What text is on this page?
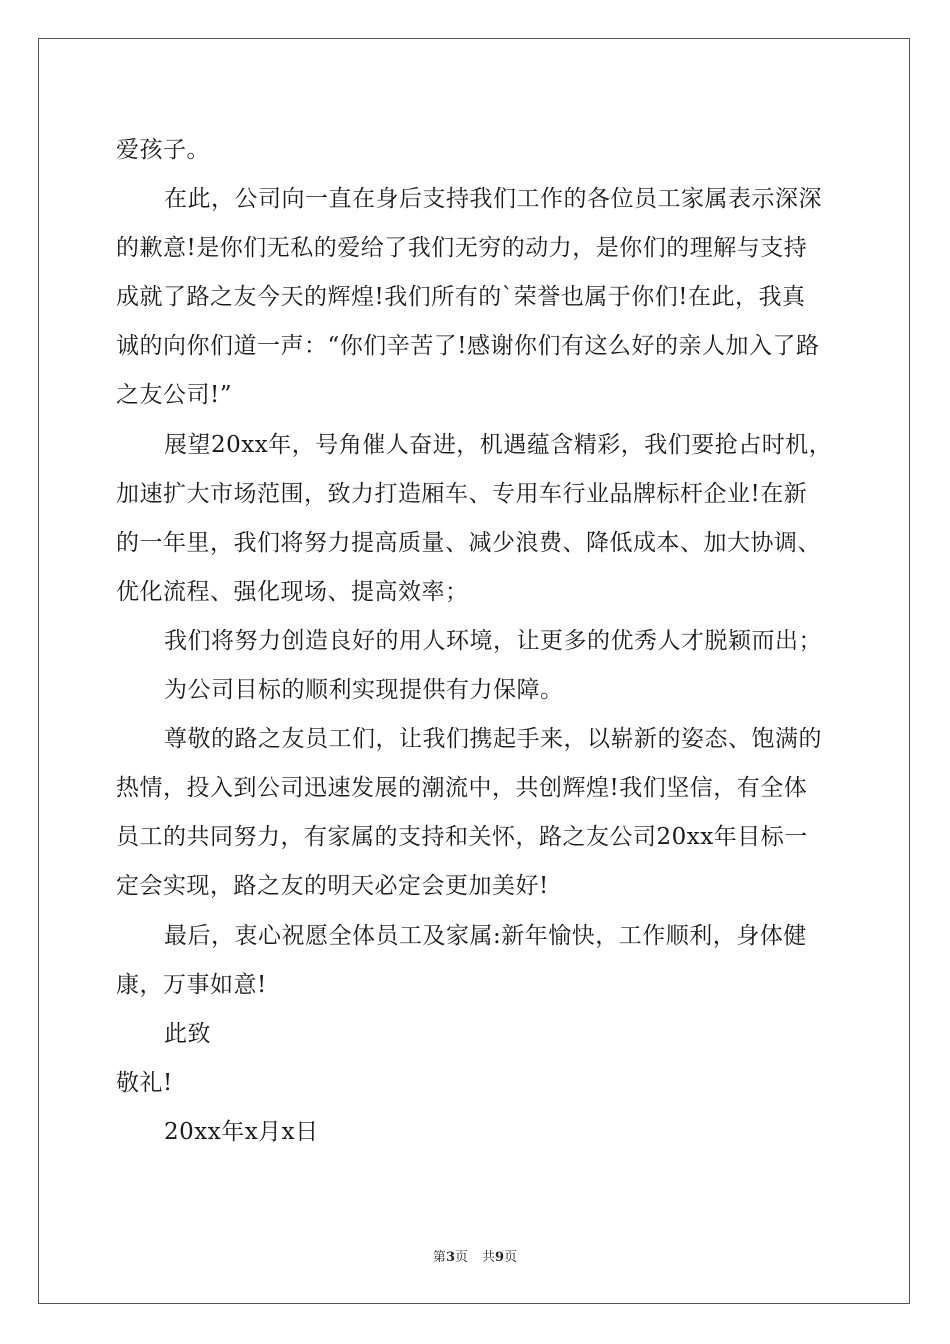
爱孩子。
在此，公司向一直在身后支持我们工作的各位员工家属表示深深
的歉意!是你们无私的爱给了我们无穷的动力，是你们的理解与支持
成就了路之友今天的辉煌!我们所有的`荣誉也属于你们!在此，我真
诚的向你们道一声：“你们辛苦了!感谢你们有这么好的亲人加入了路
之友公司!”
展望20xx年，号角催人奋进，机遇蕴含精彩，我们要抢占时机，
加速扩大市场范围，致力打造厢车、专用车行业品牌标杆企业!在新
的一年里，我们将努力提高质量、减少浪费、降低成本、加大协调、
优化流程、强化现场、提高效率；
我们将努力创造良好的用人环境，让更多的优秀人才脱颖而出；
为公司目标的顺利实现提供有力保障。
尊敬的路之友员工们，让我们携起手来，以崭新的姿态、饱满的
热情，投入到公司迅速发展的潮流中，共创辉煌!我们坚信，有全体
员工的共同努力，有家属的支持和关怀，路之友公司20xx年目标一
定会实现，路之友的明天必定会更加美好!
最后，衷心祝愿全体员工及家属:新年愉快，工作顺利，身体健
康，万事如意!
此致
敬礼!
20xx年x月x日
第3页 共9页
